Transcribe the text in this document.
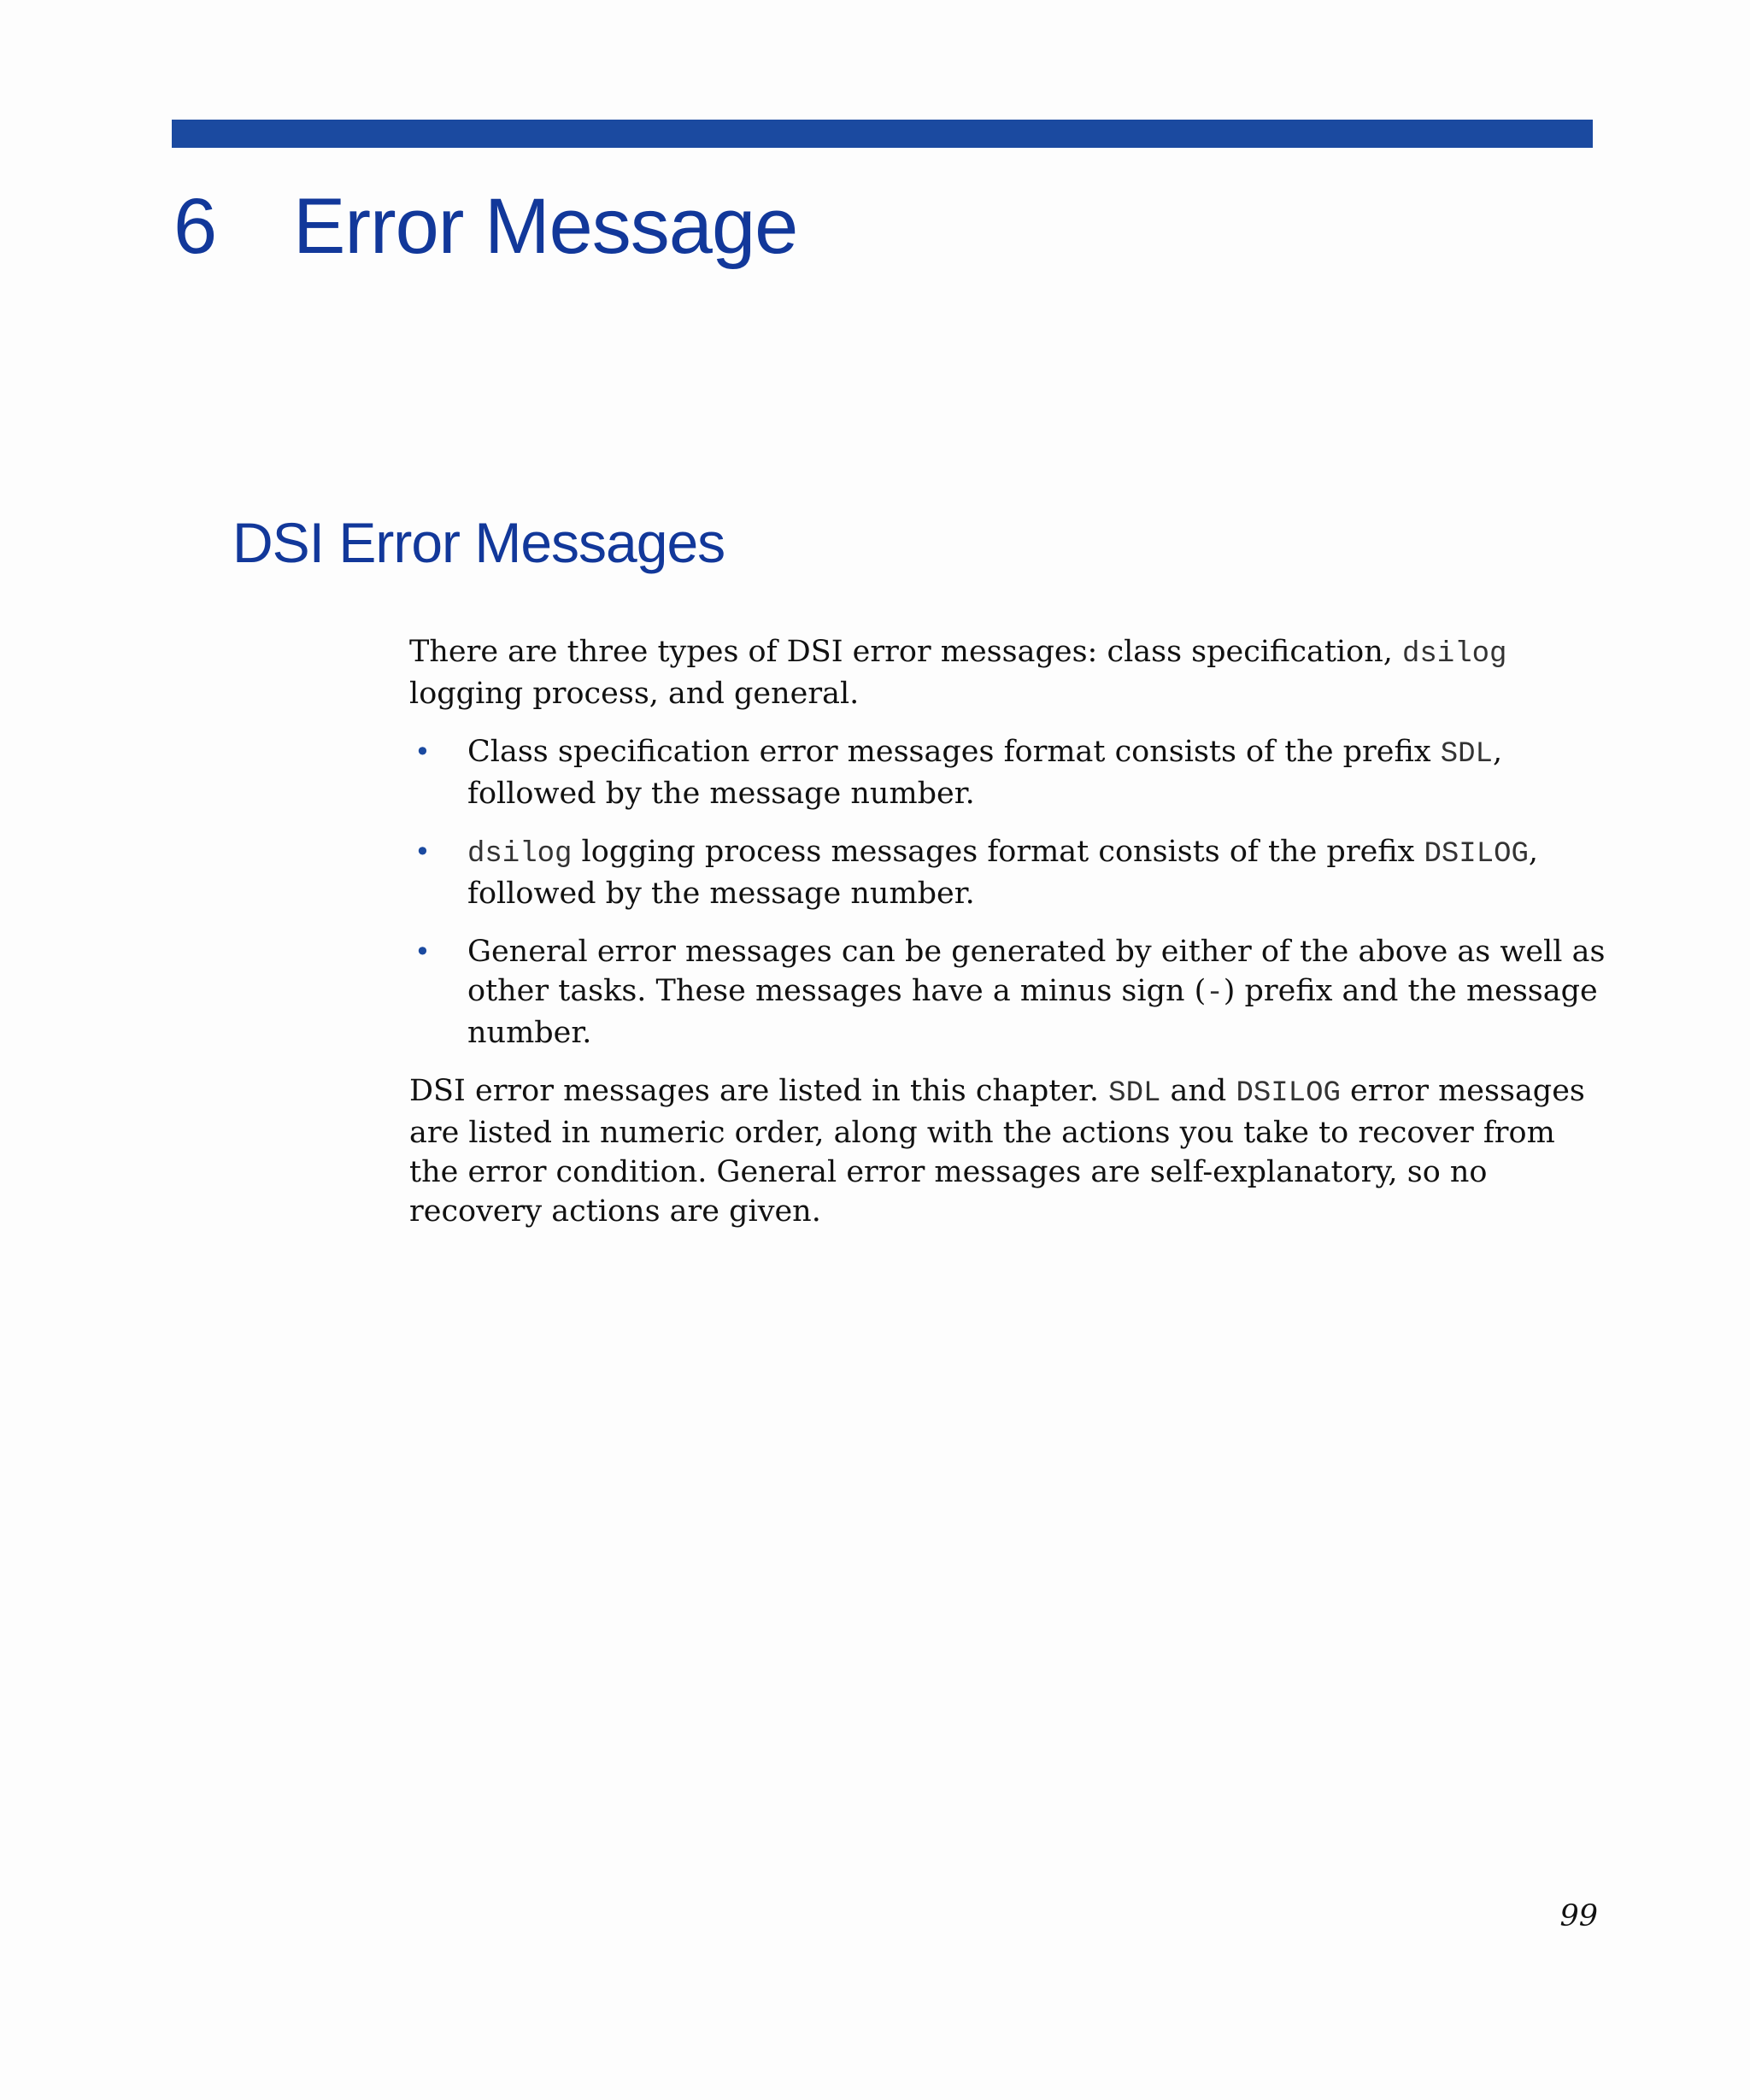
6 Error Message
DSI Error Messages

There are three types of DSI error messages: class specification, dsilog logging process, and general.

• Class specification error messages format consists of the prefix SDL, followed by the message number.
• dsilog logging process messages format consists of the prefix DSILOG, followed by the message number.
• General error messages can be generated by either of the above as well as other tasks. These messages have a minus sign (-) prefix and the message number.

DSI error messages are listed in this chapter. SDL and DSILOG error messages are listed in numeric order, along with the actions you take to recover from the error condition. General error messages are self-explanatory, so no recovery actions are given.

99
